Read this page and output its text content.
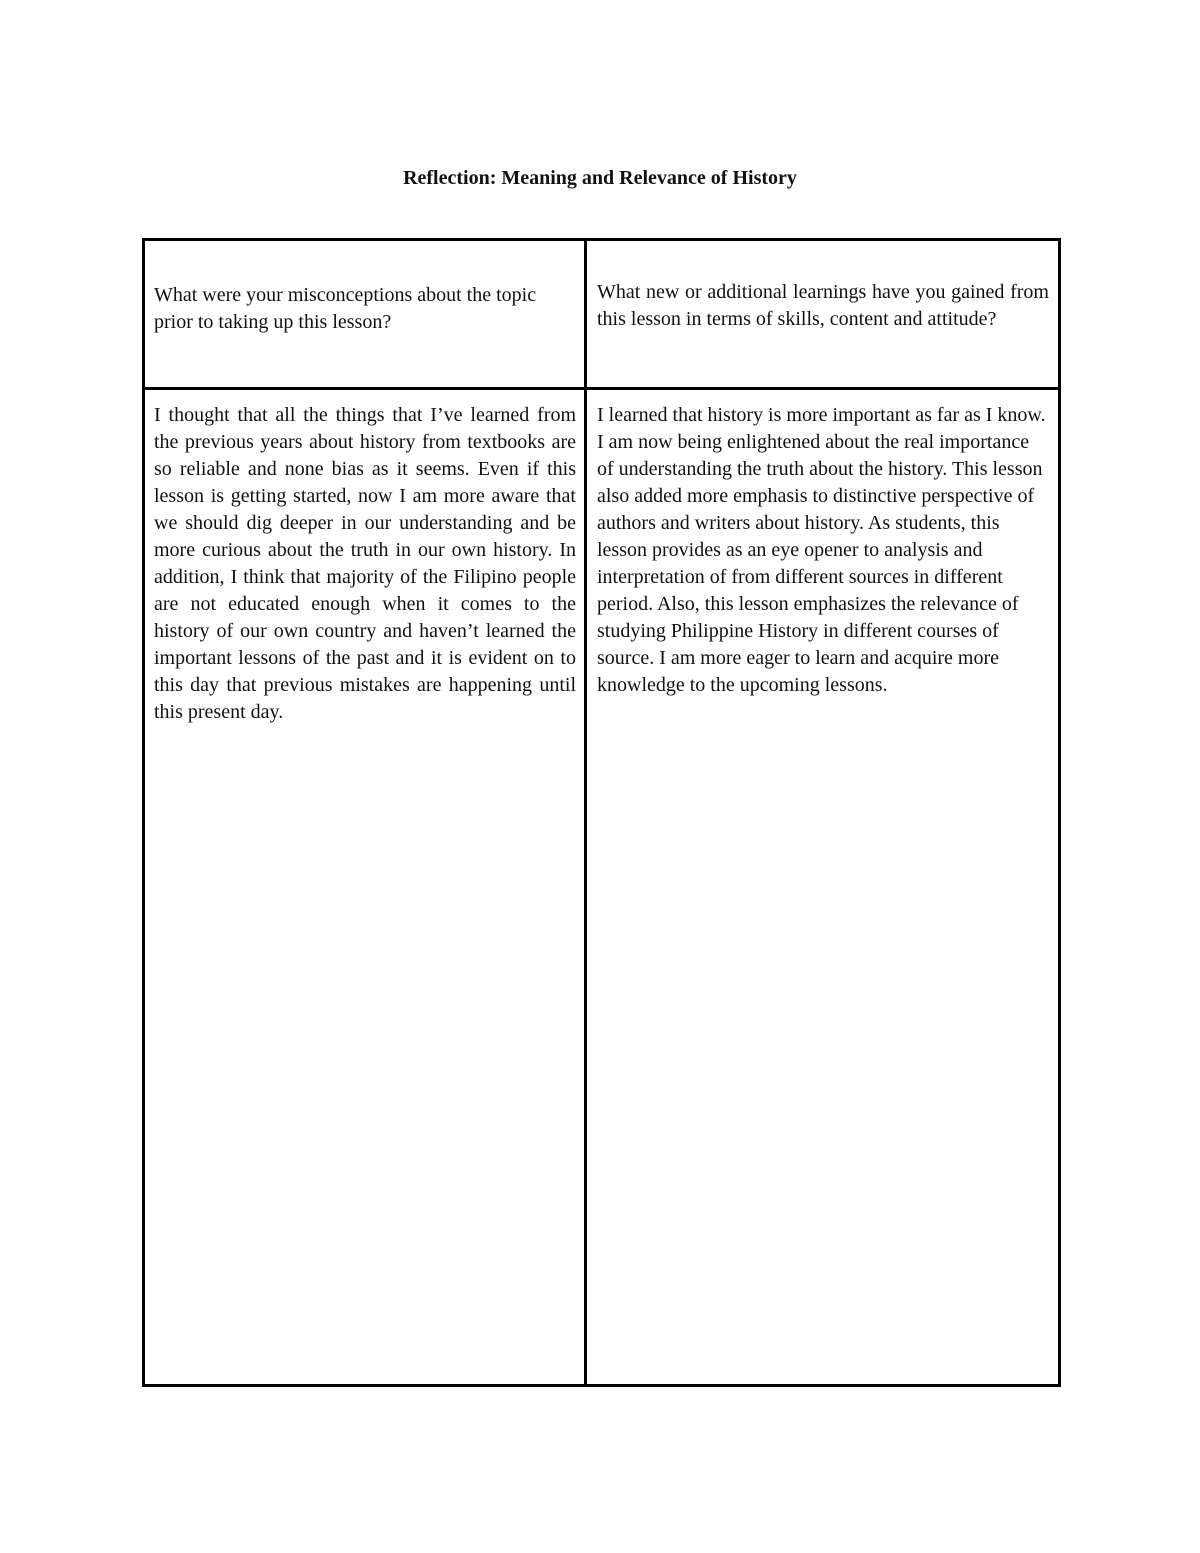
Reflection: Meaning and Relevance of History
What were your misconceptions about the topic prior to taking up this lesson?
What new or additional learnings have you gained from this lesson in terms of skills, content and attitude?
I thought that all the things that I’ve learned from the previous years about history from textbooks are so reliable and none bias as it seems. Even if this lesson is getting started, now I am more aware that we should dig deeper in our understanding and be more curious about the truth in our own history. In addition, I think that majority of the Filipino people are not educated enough when it comes to the history of our own country and haven’t learned the important lessons of the past and it is evident on to this day that previous mistakes are happening until this present day.
I learned that history is more important as far as I know. I am now being enlightened about the real importance of understanding the truth about the history. This lesson also added more emphasis to distinctive perspective of authors and writers about history. As students, this lesson provides as an eye opener to analysis and interpretation of from different sources in different period. Also, this lesson emphasizes the relevance of studying Philippine History in different courses of source. I am more eager to learn and acquire more knowledge to the upcoming lessons.
